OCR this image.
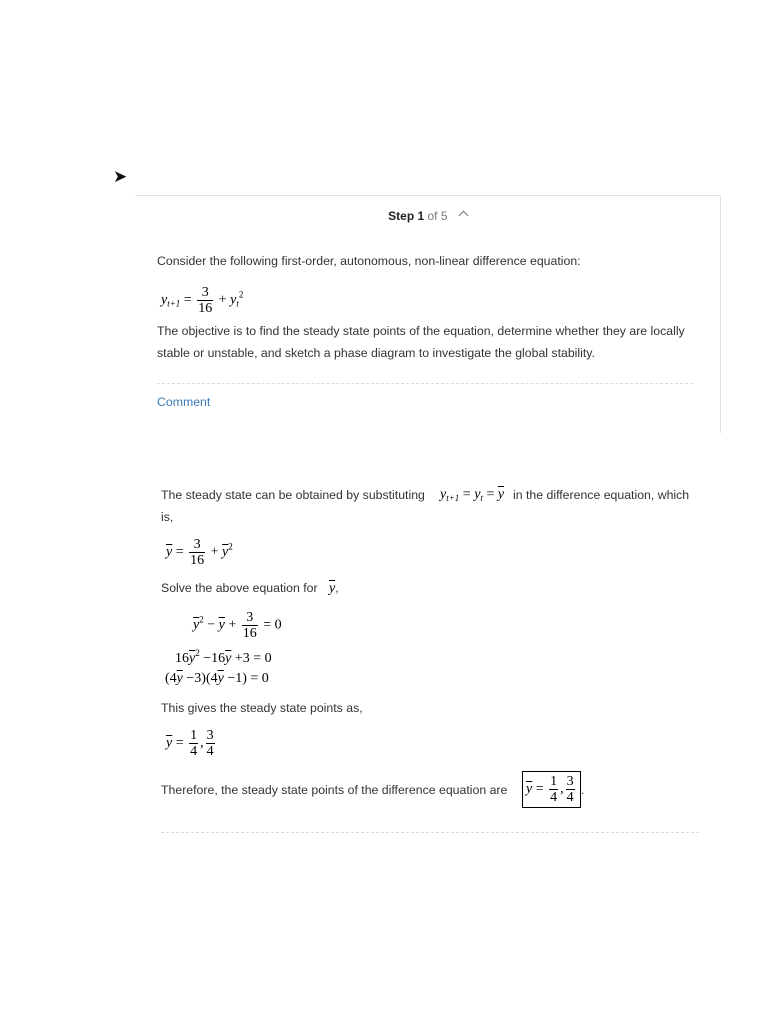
➤
Step 1 of 5
Consider the following first-order, autonomous, non-linear difference equation:
$y_{t+1} = \frac{3}{16} + y_t^2$
The objective is to find the steady state points of the equation, determine whether they are locally
stable or unstable, and sketch a phase diagram to investigate the global stability.
Comment
The steady state can be obtained by substituting $y_{t+1} = y_t = \overline{y}$ in the difference equation, which
is,
$\overline{y} = \frac{3}{16} + \overline{y}^2$
Solve the above equation for $\overline{y}$,
$\overline{y}^2 - \overline{y} + \frac{3}{16} = 0$
$16\overline{y}^2 -16\overline{y} +3 = 0$
$(4\overline{y} -3)(4\overline{y} -1) = 0$
This gives the steady state points as,
$\overline{y} = \frac{1}{4}$ , $\frac{3}{4}$
Therefore, the steady state points of the difference equation are $\overline{y} = \frac{1}{4}$ , $\frac{3}{4}$ .
